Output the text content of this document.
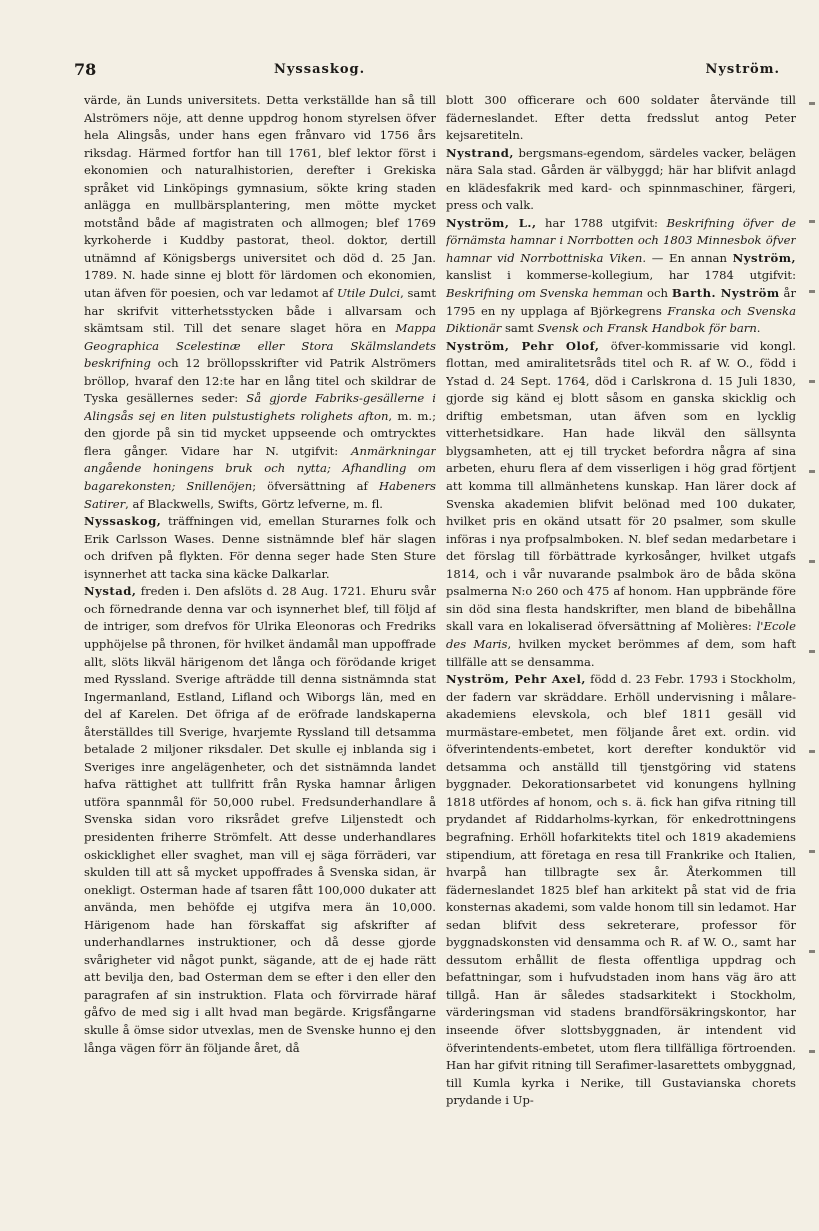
78	Nyssaskog.	Nyström.

värde, än Lunds universitets. Detta verkställde han så till Alströmers nöje, att denne uppdrog honom styrelsen öfver hela Alingsås, under hans egen frånvaro vid 1756 års riksdag. Härmed fortfor han till 1761, blef lektor först i ekonomien och naturalhistorien, derefter i Grekiska språket vid Linköpings gymnasium, sökte kring staden anlägga en mullbärsplantering, men mötte mycket motstånd både af magistraten och allmogen; blef 1769 kyrkoherde i Kuddby pastorat, theol. doktor, dertill utnämnd af Königsbergs universitet och död d. 25 Jan. 1789. N. hade sinne ej blott för lärdomen och ekonomien, utan äfven för poesien, och var ledamot af Utile Dulci, samt har skrifvit vitterhetsstycken både i allvarsam och skämtsam stil. Till det senare slaget höra en Mappa Geographica Scelestinæ eller Stora Skälmslandets beskrifning och 12 bröllopsskrifter vid Patrik Alströmers bröllop, hvaraf den 12:te har en lång titel och skildrar de Tyska gesällernes seder: Så gjorde Fabriks-gesällerne i Alingsås sej en liten pulstustighets rolighets afton, m. m.; den gjorde på sin tid mycket uppseende och omtrycktes flera gånger. Vidare har N. utgifvit: Anmärkningar angående honingens bruk och nytta; Afhandling om bagarekonsten; Snillenöjen; öfversättning af Habeners Satirer, af Blackwells, Swifts, Görtz lefverne, m. fl.

Nyssaskog, träffningen vid, emellan Sturarnes folk och Erik Carlsson Wases. Denne sistnämnde blef här slagen och drifven på flykten. För denna seger hade Sten Sture isynnerhet att tacka sina käcke Dalkarlar.

Nystad, freden i. Den afslöts d. 28 Aug. 1721. Ehuru svår och förnedrande denna var och isynnerhet blef, till följd af de intriger, som drefvos för Ulrika Eleonoras och Fredriks upphöjelse på thronen, för hvilket ändamål man uppoffrade allt, slöts likväl härigenom det långa och förödande kriget med Ryssland. Sverige afträdde till denna sistnämnda stat Ingermanland, Estland, Lifland och Wiborgs län, med en del af Karelen. Det öfriga af de eröfrade landskaperna återställdes till Sverige, hvarjemte Ryssland till detsamma betalade 2 miljoner riksdaler. Det skulle ej inblanda sig i Sveriges inre angelägenheter, och det sistnämnda landet hafva rättighet att tullfritt från Ryska hamnar årligen utföra spannmål för 50,000 rubel. Fredsunderhandlare å Svenska sidan voro riksrådet grefve Liljenstedt och presidenten friherre Strömfelt. Att desse underhandlares oskicklighet eller svaghet, man vill ej säga förräderi, var skulden till att så mycket uppoffrades å Svenska sidan, är onekligt. Osterman hade af tsaren fått 100,000 dukater att använda, men behöfde ej utgifva mera än 10,000. Härigenom hade han förskaffat sig afskrifter af underhandlarnes instruktioner, och då desse gjorde svårigheter vid något punkt, sägande, att de ej hade rätt att bevilja den, bad Osterman dem se efter i den eller den paragrafen af sin instruktion. Flata och förvirrade häraf gåfvo de med sig i allt hvad man begärde. Krigsfångarne skulle å ömse sidor utvexlas, men de Svenske hunno ej den långa vägen förr än följande året, då

blott 300 officerare och 600 soldater återvände till fäderneslandet. Efter detta fredsslut antog Peter kejsaretiteln.

Nystrand, bergsmans-egendom, särdeles vacker, belägen nära Sala stad. Gården är välbyggd; här har blifvit anlagd en klädesfakrik med kard- och spinnmaschiner, färgeri, press och valk.

Nyström, L., har 1788 utgifvit: Beskrifning öfver de förnämsta hamnar i Norrbotten och 1803 Minnesbok öfver hamnar vid Norrbottniska Viken. — En annan Nyström, kanslist i kommerse-kollegium, har 1784 utgifvit: Beskrifning om Svenska hemman och Barth. Nyström år 1795 en ny upplaga af Björkegrens Franska och Svenska Diktionär samt Svensk och Fransk Handbok för barn.

Nyström, Pehr Olof, öfver-kommissarie vid kongl. flottan, med amiralitetsråds titel och R. af W. O., född i Ystad d. 24 Sept. 1764, död i Carlskrona d. 15 Juli 1830, gjorde sig känd ej blott såsom en ganska skicklig och driftig embetsman, utan äfven som en lycklig vitterhetsidkare. Han hade likväl den sällsynta blygsamheten, att ej till trycket befordra några af sina arbeten, ehuru flera af dem visserligen i hög grad förtjent att komma till allmänhetens kunskap. Han lärer dock af Svenska akademien blifvit belönad med 100 dukater, hvilket pris en okänd utsatt för 20 psalmer, som skulle införas i nya profpsalmboken. N. blef sedan medarbetare i det förslag till förbättrade kyrkosånger, hvilket utgafs 1814, och i vår nuvarande psalmbok äro de båda sköna psalmerna N:o 260 och 475 af honom. Han uppbrände före sin död sina flesta handskrifter, men bland de bibehållna skall vara en lokaliserad öfversättning af Molières: l'Ecole des Maris, hvilken mycket berömmes af dem, som haft tillfälle att se densamma.

Nyström, Pehr Axel, född d. 23 Febr. 1793 i Stockholm, der fadern var skräddare. Erhöll undervisning i målare-akademiens elevskola, och blef 1811 gesäll vid murmästare-embetet, men följande året ext. ordin. vid öfverintendents-embetet, kort derefter konduktör vid detsamma och anställd till tjenstgöring vid statens byggnader. Dekorationsarbetet vid konungens hyllning 1818 utfördes af honom, och s. ä. fick han gifva ritning till prydandet af Riddarholms-kyrkan, för enkedrottningens begrafning. Erhöll hofarkitekts titel och 1819 akademiens stipendium, att företaga en resa till Frankrike och Italien, hvarpå han tillbragte sex år. Återkommen till fäderneslandet 1825 blef han arkitekt på stat vid de fria konsternas akademi, som valde honom till sin ledamot. Har sedan blifvit dess sekreterare, professor för byggnadskonsten vid densamma och R. af W. O., samt har dessutom erhållit de flesta offentliga uppdrag och befattningar, som i hufvudstaden inom hans väg äro att tillgå. Han är således stadsarkitekt i Stockholm, värderingsman vid stadens brandförsäkringskontor, har inseende öfver slottsbyggnaden, är intendent vid öfverintendents-embetet, utom flera tillfälliga förtroenden. Han har gifvit ritning till Serafimer-lasarettets ombyggnad, till Kumla kyrka i Nerike, till Gustavianska chorets prydande i Up-
